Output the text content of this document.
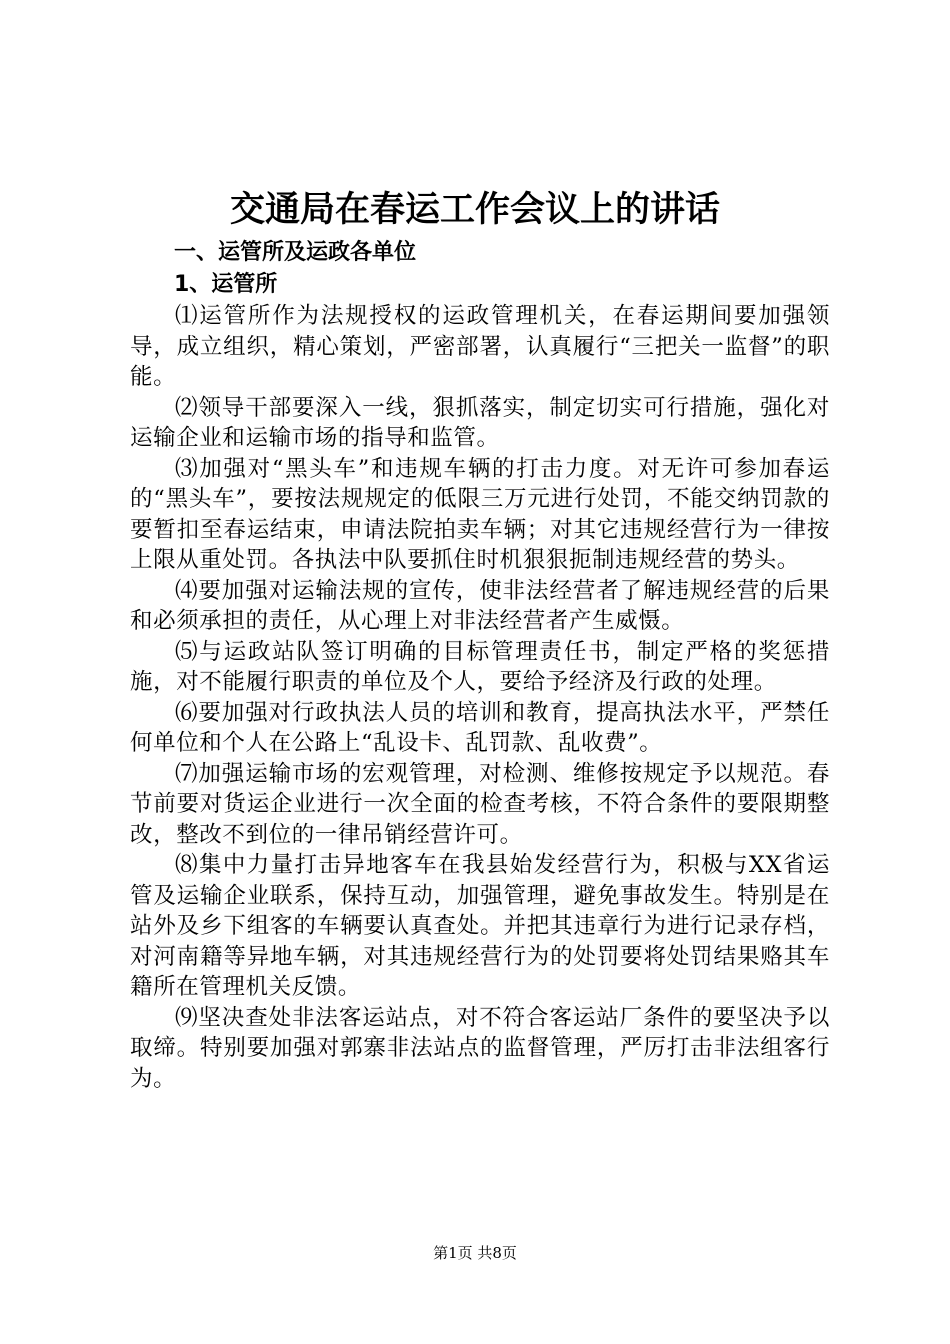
交通局在春运工作会议上的讲话
一、运管所及运政各单位
1、运管所

⑴运管所作为法规授权的运政管理机关，在春运期间要加强领导，成立组织，精心策划，严密部署，认真履行“三把关一监督”的职能。

⑵领导干部要深入一线，狠抓落实，制定切实可行措施，强化对运输企业和运输市场的指导和监管。

⑶加强对“黑头车”和违规车辆的打击力度。对无许可参加春运的“黑头车”，要按法规规定的低限三万元进行处罚，不能交纳罚款的要暂扣至春运结束，申请法院拍卖车辆；对其它违规经营行为一律按上限从重处罚。各执法中队要抓住时机狠狠扼制违规经营的势头。

⑷要加强对运输法规的宣传，使非法经营者了解违规经营的后果和必须承担的责任，从心理上对非法经营者产生威慑。

⑸与运政站队签订明确的目标管理责任书，制定严格的奖惩措施，对不能履行职责的单位及个人，要给予经济及行政的处理。

⑹要加强对行政执法人员的培训和教育，提高执法水平，严禁任何单位和个人在公路上“乱设卡、乱罚款、乱收费”。

⑺加强运输市场的宏观管理，对检测、维修按规定予以规范。春节前要对货运企业进行一次全面的检查考核，不符合条件的要限期整改，整改不到位的一律吊销经营许可。

⑻集中力量打击异地客车在我县始发经营行为，积极与XX省运管及运输企业联系，保持互动，加强管理，避免事故发生。特别是在站外及乡下组客的车辆要认真查处。并把其违章行为进行记录存档，对河南籍等异地车辆，对其违规经营行为的处罚要将处罚结果赂其车籍所在管理机关反馈。

⑼坚决查处非法客运站点，对不符合客运站厂条件的要坚决予以取缔。特别要加强对郭寨非法站点的监督管理，严厉打击非法组客行为。

第1页 共8页
